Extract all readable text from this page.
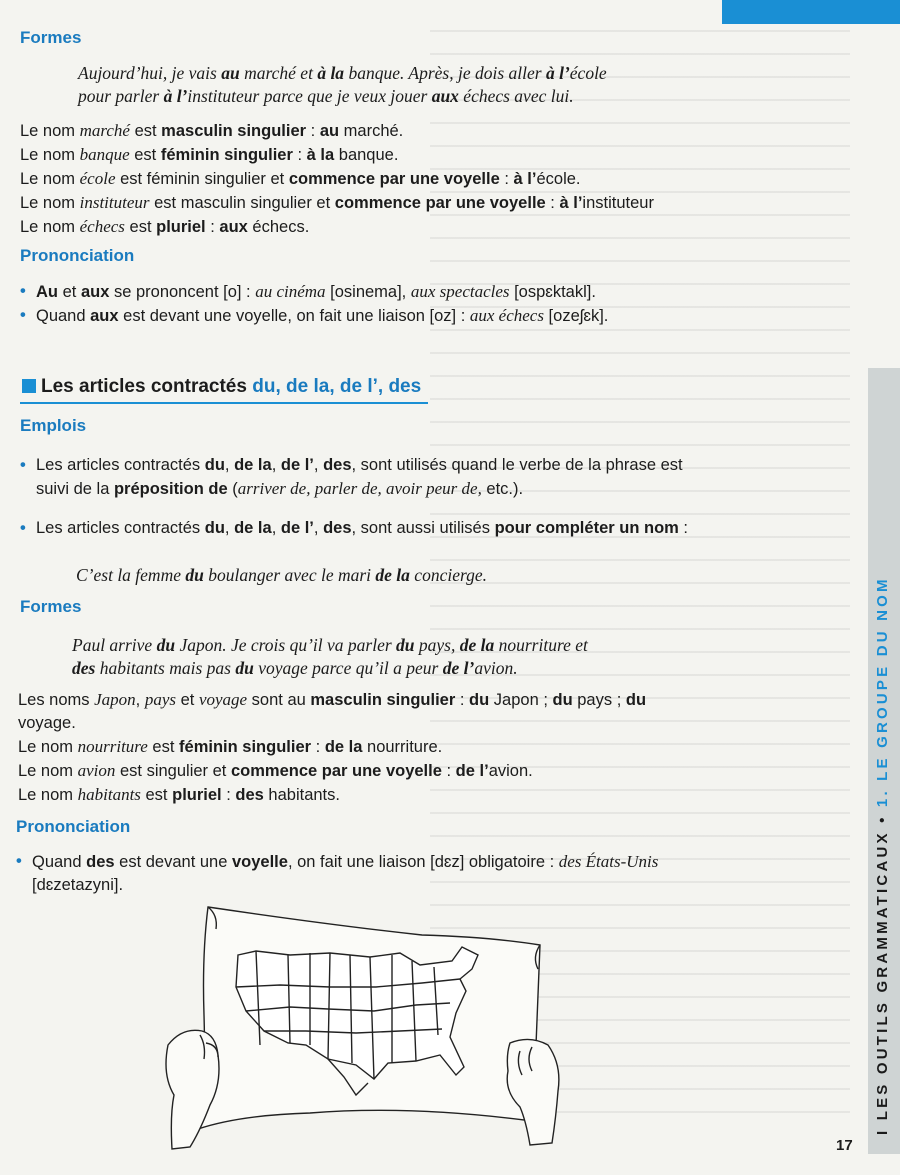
Formes

Aujourd’hui, je vais au marché et à la banque. Après, je dois aller à l’école

pour parler à l’instituteur parce que je veux jouer aux échecs avec lui.

Le nom marché est masculin singulier : au marché.

Le nom banque est féminin singulier : à la banque.

Le nom école est féminin singulier et commence par une voyelle : à l’école.

Le nom instituteur est masculin singulier et commence par une voyelle : à l’instituteur

Le nom échecs est pluriel : aux échecs.

Prononciation

• Au et aux se prononcent [o] : au cinéma [osinema], aux spectacles [ospɛktakl].

• Quand aux est devant une voyelle, on fait une liaison [oz] : aux échecs [ozeʃɛk].

Les articles contractés du, de la, de l’, des
Emplois

• Les articles contractés du, de la, de l’, des, sont utilisés quand le verbe de la phrase est suivi de la préposition de (arriver de, parler de, avoir peur de, etc.).

• Les articles contractés du, de la, de l’, des, sont aussi utilisés pour compléter un nom :

C’est la femme du boulanger avec le mari de la concierge.

Formes

Paul arrive du Japon. Je crois qu’il va parler du pays, de la nourriture et

des habitants mais pas du voyage parce qu’il a peur de l’avion.

Les noms Japon, pays et voyage sont au masculin singulier : du Japon ; du pays ; du voyage.

Le nom nourriture est féminin singulier : de la nourriture.

Le nom avion est singulier et commence par une voyelle : de l’avion.

Le nom habitants est pluriel : des habitants.

Prononciation

• Quand des est devant une voyelle, on fait une liaison [dɛz] obligatoire : des États-Unis [dɛzetazyni].	I LES OUTILS GRAMMATICAUX • 1. LE GROUPE DU NOM
17
